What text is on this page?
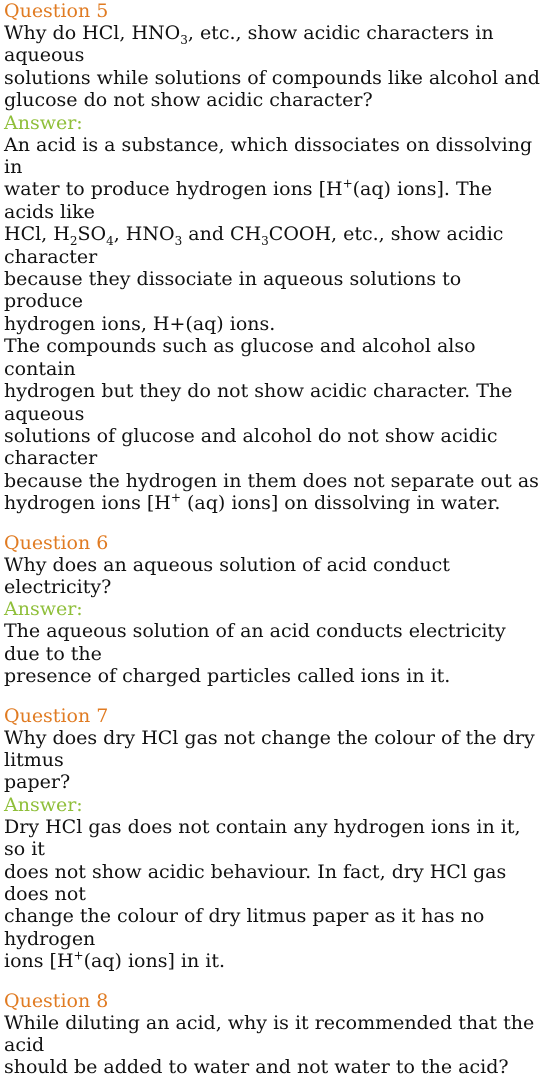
Question 5
Why do HCl, $HNO_3$, etc., show acidic characters in aqueous
solutions while solutions of compounds like alcohol and
glucose do not show acidic character?
Answer:
An acid is a substance, which dissociates on dissolving in
water to produce hydrogen ions [H+(aq) ions]. The acids like
HCl, $H_2SO_4$, $HNO_3$ and $CH_3COOH$, etc., show acidic character
because they dissociate in aqueous solutions to produce
hydrogen ions, H+(aq) ions.
The compounds such as glucose and alcohol also contain
hydrogen but they do not show acidic character. The aqueous
solutions of glucose and alcohol do not show acidic character
because the hydrogen in them does not separate out as
hydrogen ions [H+ (aq) ions] on dissolving in water.
Question 6
Why does an aqueous solution of acid conduct electricity?
Answer:
The aqueous solution of an acid conducts electricity due to the
presence of charged particles called ions in it.
Question 7
Why does dry HCl gas not change the colour of the dry litmus
paper?
Answer:
Dry HCl gas does not contain any hydrogen ions in it, so it
does not show acidic behaviour. In fact, dry HCl gas does not
change the colour of dry litmus paper as it has no hydrogen
ions [H+(aq) ions] in it.
Question 8
While diluting an acid, why is it recommended that the acid
should be added to water and not water to the acid?
